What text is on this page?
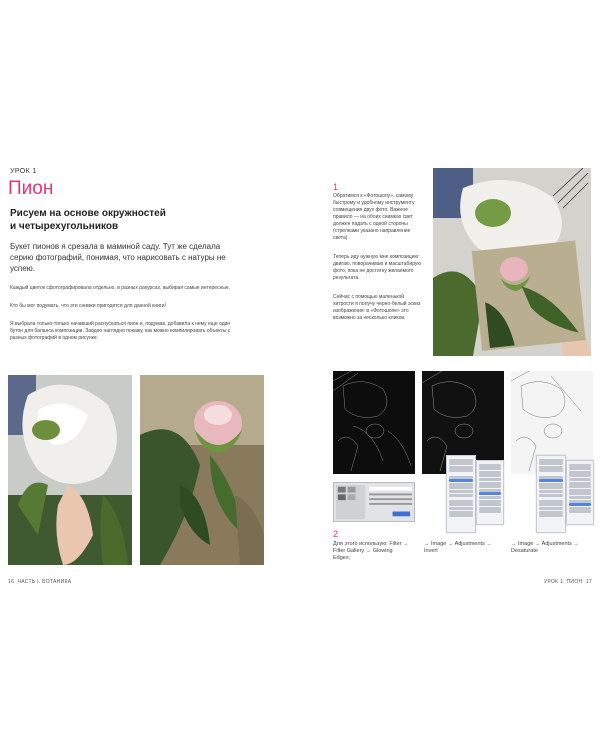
УРОК 1
Пион
Рисуем на основе окружностей
и четырехугольников
Букет пионов я срезала в маминой саду. Тут же сделала серию фотографий, понимая, что нарисовать с натуры не успею.
Каждый цветок сфотографировала отдельно, в разных ракурсах, выбирая самые интересные.
Кто бы мог подумать, что эти снимки пригодятся для данной книги!
Я выбрала только-только начавший распускаться пион и, подумав, добавила к нему еще один бутон для баланса композиции. Заодно наглядно покажу, как можно компилировать объекты с разных фотографий в одном рисунке.
16 ЧАСТЬ І. БОТАНИКА
1
Обратимся к «Фотошопу», самому быстрому и удобному инструменту совмещения двух фото. Важное правило — на обоих снимках свет должен падать с одной стороны (стрелками указано направление света).
Теперь иду нужную мне композицию: двигаю, поворачиваю и масштабирую фото, пока не достигну желаемого результата.
Сейчас с помощью маленькой хитрости я получу черно-белый эскиз изображения: в «Фотошопе» это возможно за несколько кликов.
2
Для этого использую: Filter → Filter Gallery → Glowing Edges;
→ Image → Adjustments → Invert
→ Image → Adjustments → Desaturate
УРОК 1. ПИОН 17
